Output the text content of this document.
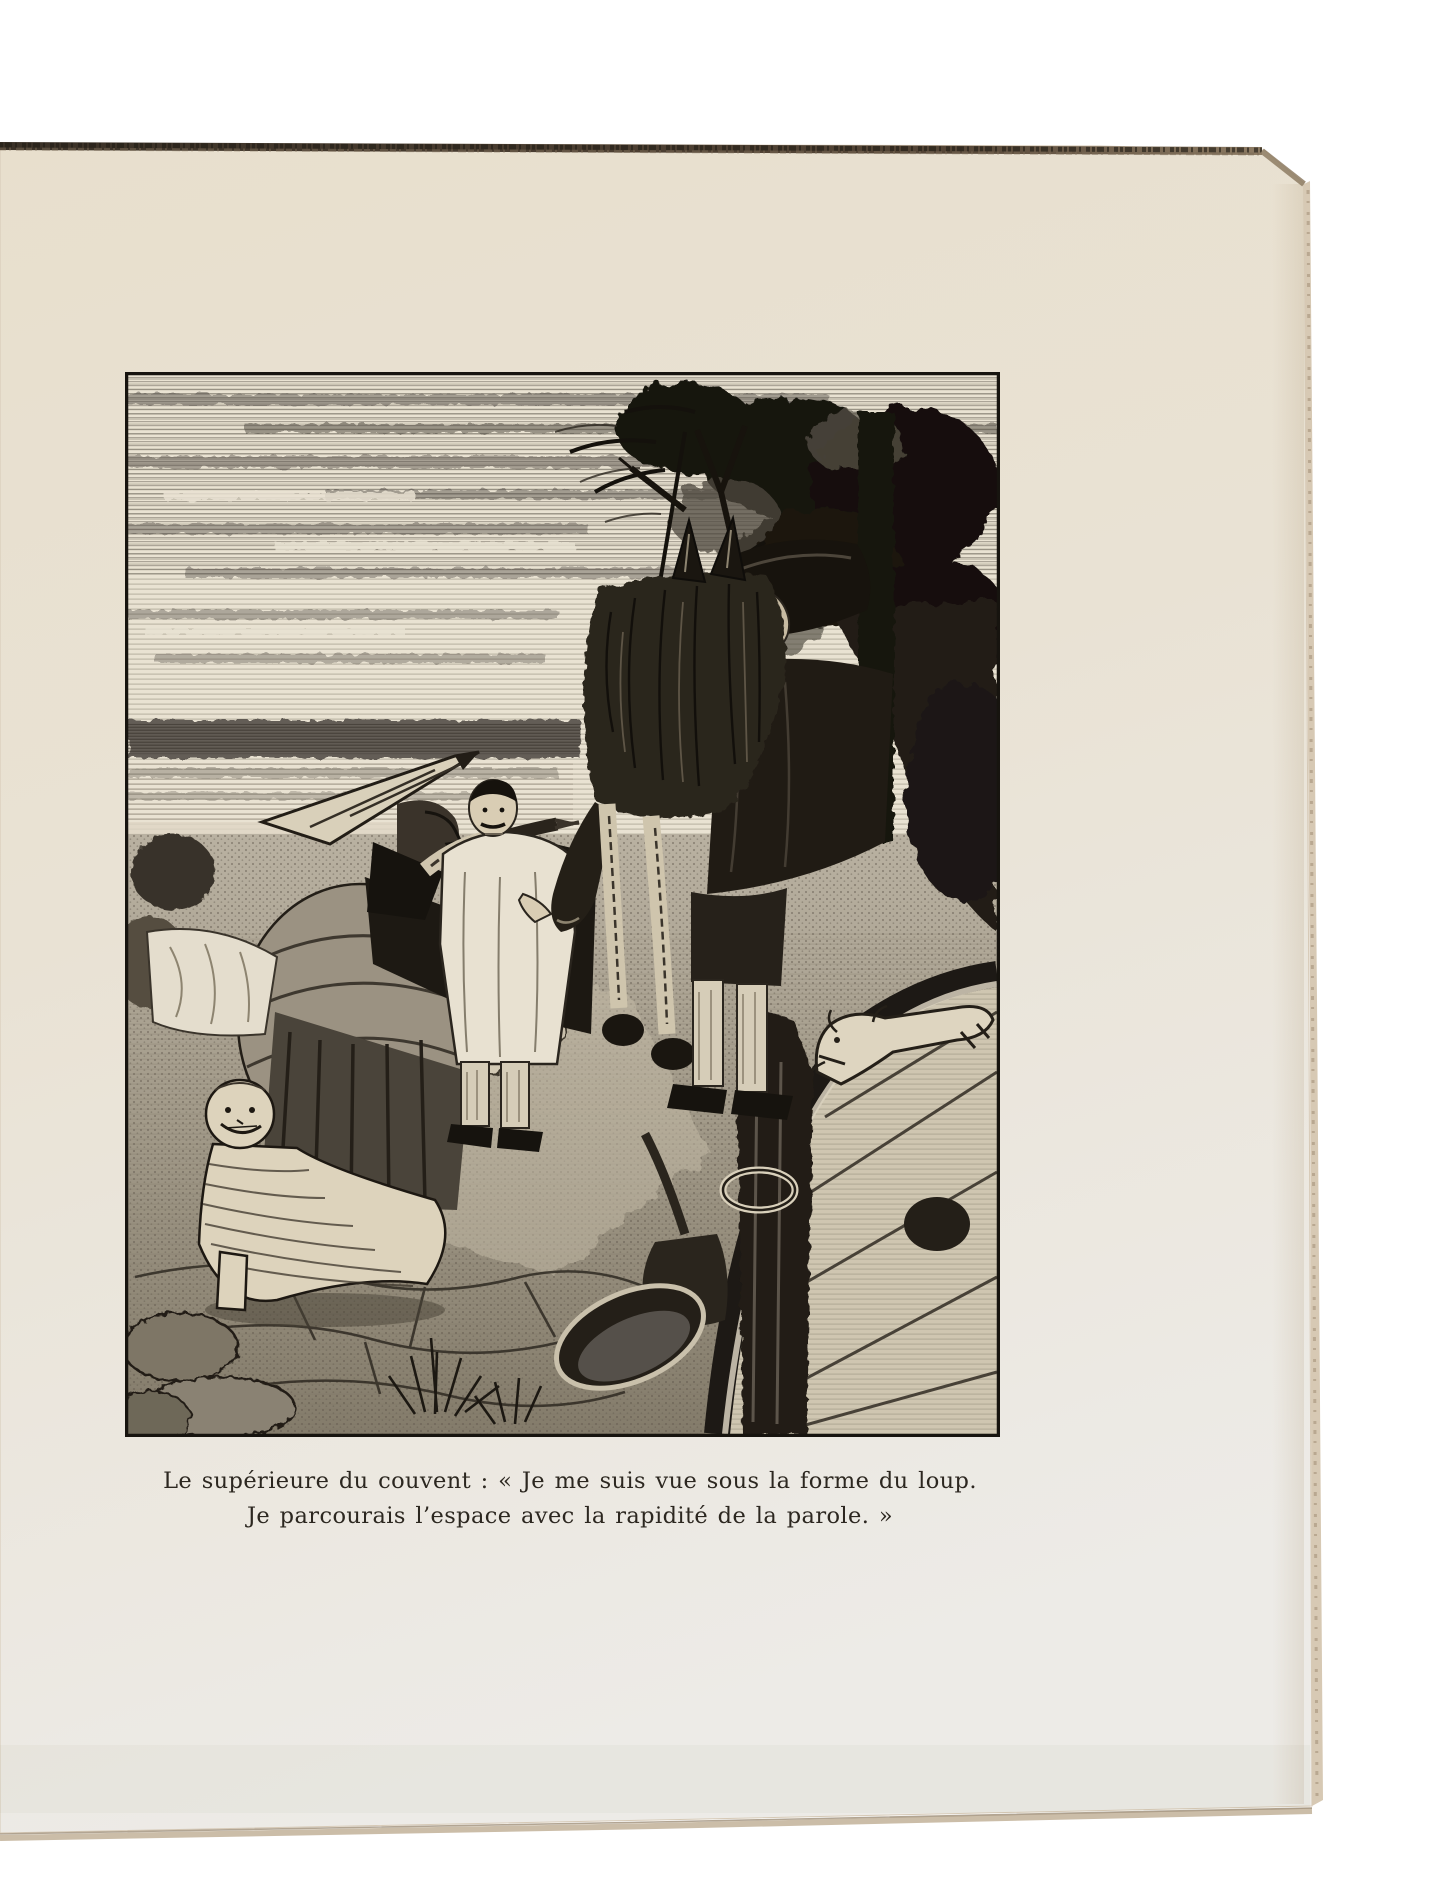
Le supérieure du couvent : « Je me suis vue sous la forme du loup.
Je parcourais l’espace avec la rapidité de la parole. »
